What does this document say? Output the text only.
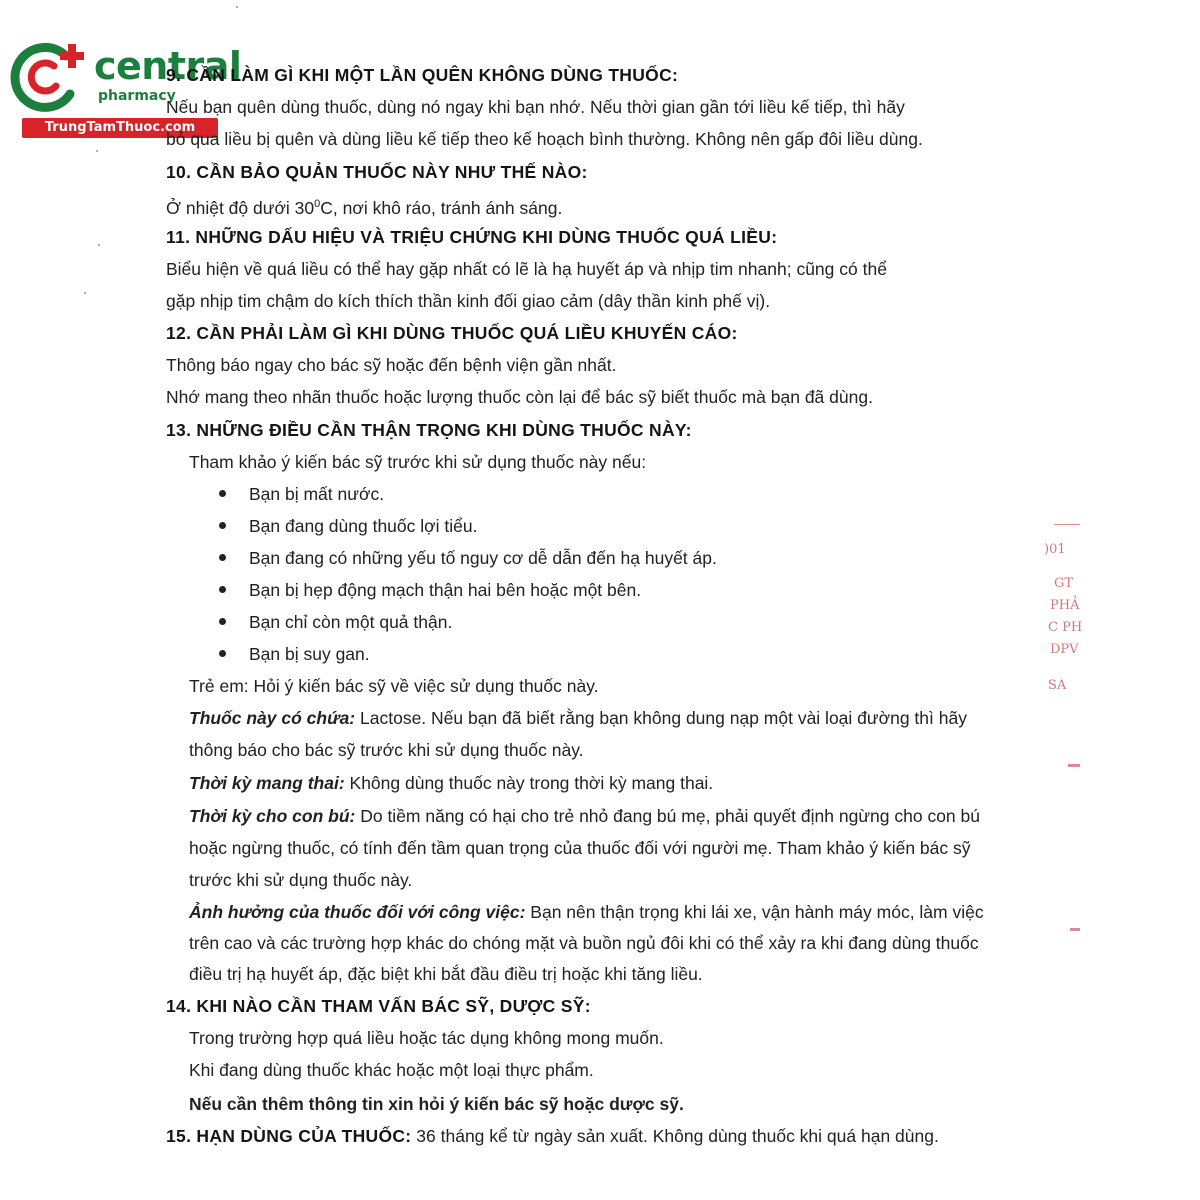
central
pharmacy
TrungTamThuoc.com
9. CẦN LÀM GÌ KHI MỘT LẦN QUÊN KHÔNG DÙNG THUỐC:
Nếu bạn quên dùng thuốc, dùng nó ngay khi bạn nhớ. Nếu thời gian gần tới liều kế tiếp, thì hãy
bỏ qua liều bị quên và dùng liều kế tiếp theo kế hoạch bình thường. Không nên gấp đôi liều dùng.
10. CẦN BẢO QUẢN THUỐC NÀY NHƯ THẾ NÀO:
Ở nhiệt độ dưới $30^0C$, nơi khô ráo, tránh ánh sáng.
11. NHỮNG DẤU HIỆU VÀ TRIỆU CHỨNG KHI DÙNG THUỐC QUÁ LIỀU:
Biểu hiện về quá liều có thể hay gặp nhất có lẽ là hạ huyết áp và nhịp tim nhanh; cũng có thể
gặp nhịp tim chậm do kích thích thần kinh đối giao cảm (dây thần kinh phế vị).
12. CẦN PHẢI LÀM GÌ KHI DÙNG THUỐC QUÁ LIỀU KHUYẾN CÁO:
Thông báo ngay cho bác sỹ hoặc đến bệnh viện gần nhất.
Nhớ mang theo nhãn thuốc hoặc lượng thuốc còn lại để bác sỹ biết thuốc mà bạn đã dùng.
13. NHỮNG ĐIỀU CẦN THẬN TRỌNG KHI DÙNG THUỐC NÀY:
Tham khảo ý kiến bác sỹ trước khi sử dụng thuốc này nếu:
Bạn bị mất nước.
Bạn đang dùng thuốc lợi tiểu.
Bạn đang có những yếu tố nguy cơ dễ dẫn đến hạ huyết áp.
Bạn bị hẹp động mạch thận hai bên hoặc một bên.
Bạn chỉ còn một quả thận.
Bạn bị suy gan.
Trẻ em: Hỏi ý kiến bác sỹ về việc sử dụng thuốc này.
Thuốc này có chứa: Lactose. Nếu bạn đã biết rằng bạn không dung nạp một vài loại đường thì hãy
thông báo cho bác sỹ trước khi sử dụng thuốc này.
Thời kỳ mang thai: Không dùng thuốc này trong thời kỳ mang thai.
Thời kỳ cho con bú: Do tiềm năng có hại cho trẻ nhỏ đang bú mẹ, phải quyết định ngừng cho con bú
hoặc ngừng thuốc, có tính đến tầm quan trọng của thuốc đối với người mẹ. Tham khảo ý kiến bác sỹ
trước khi sử dụng thuốc này.
Ảnh hưởng của thuốc đối với công việc: Bạn nên thận trọng khi lái xe, vận hành máy móc, làm việc
trên cao và các trường hợp khác do chóng mặt và buồn ngủ đôi khi có thể xảy ra khi đang dùng thuốc
điều trị hạ huyết áp, đặc biệt khi bắt đầu điều trị hoặc khi tăng liều.
14. KHI NÀO CẦN THAM VẤN BÁC SỸ, DƯỢC SỸ:
Trong trường hợp quá liều hoặc tác dụng không mong muốn.
Khi đang dùng thuốc khác hoặc một loại thực phẩm.
Nếu cần thêm thông tin xin hỏi ý kiến bác sỹ hoặc dược sỹ.
15. HẠN DÙNG CỦA THUỐC: 36 tháng kể từ ngày sản xuất. Không dùng thuốc khi quá hạn dùng.
)01
GT
PHẢ
C PH
DPV
SA
